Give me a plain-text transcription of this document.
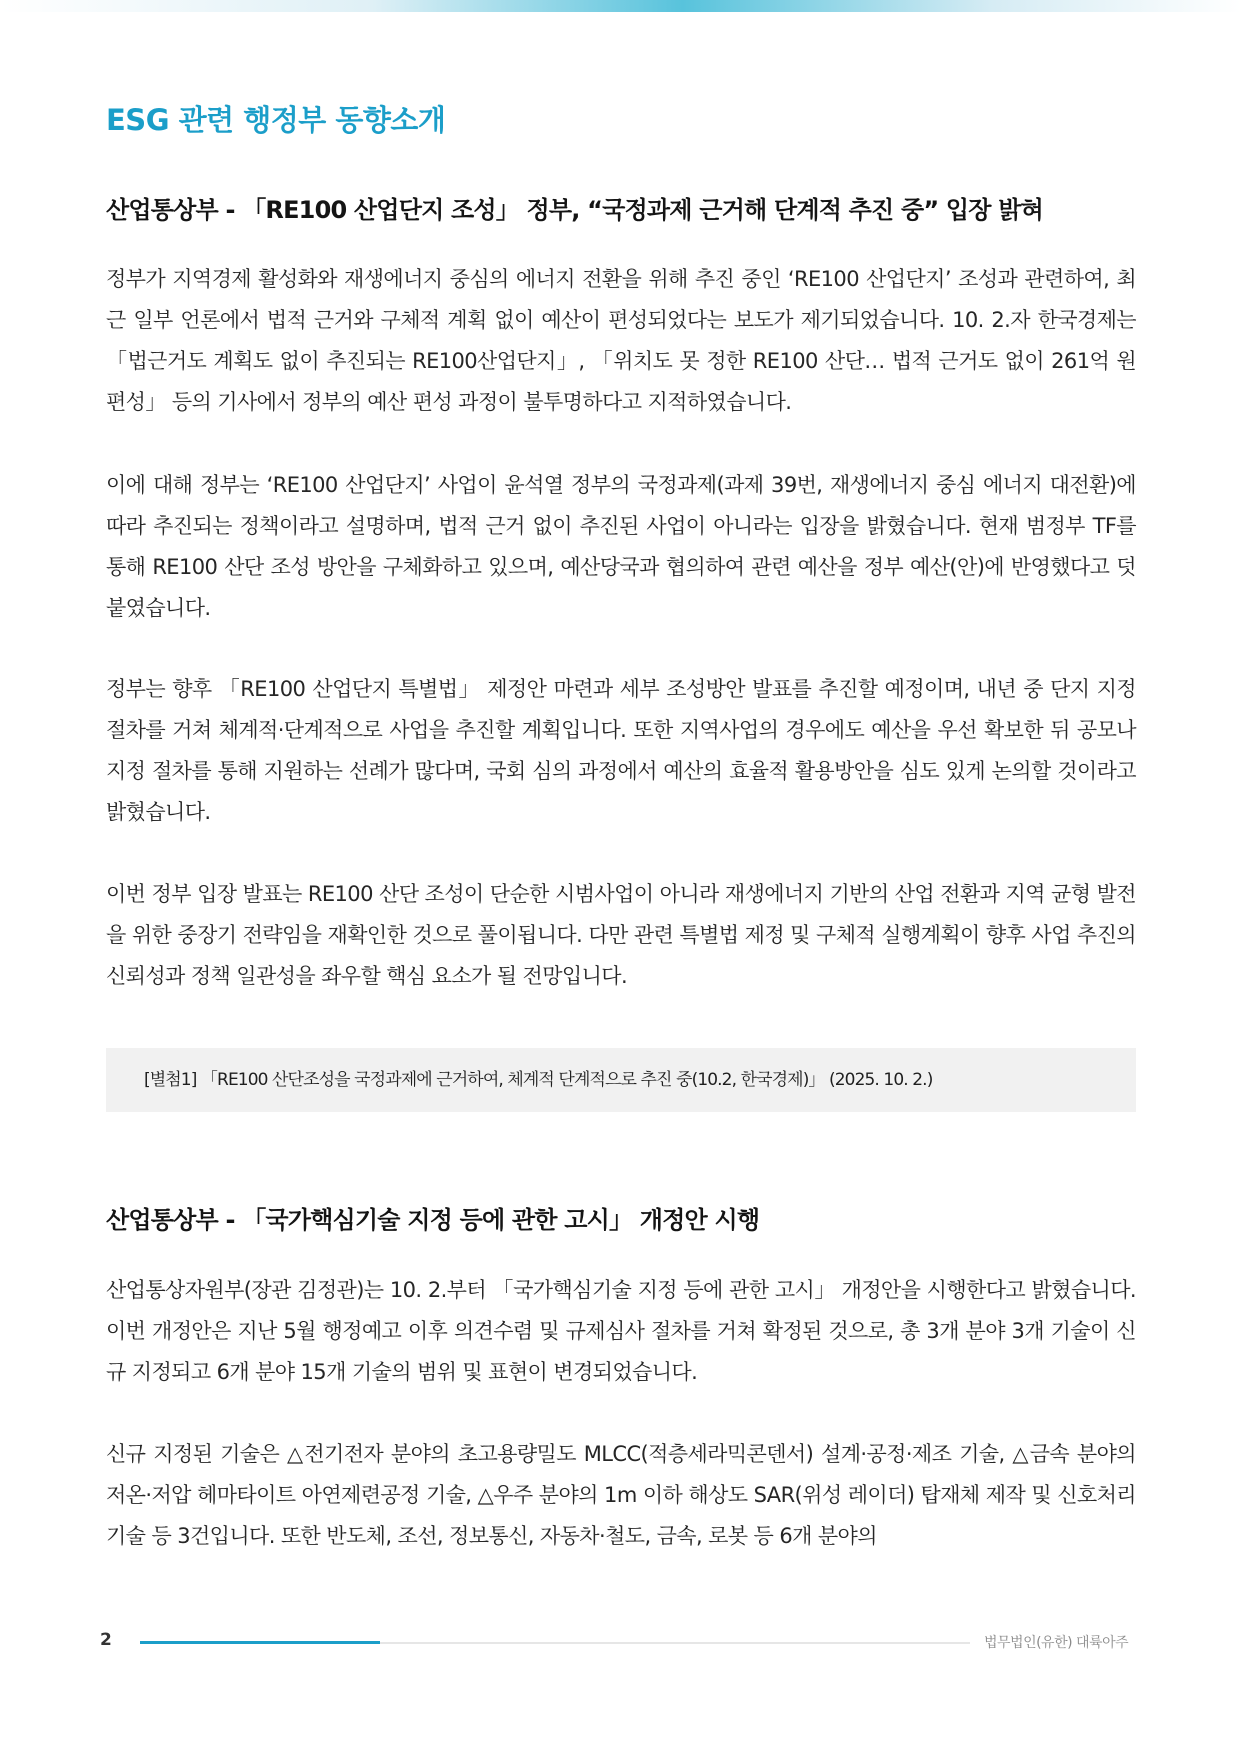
ESG 관련 행정부 동향소개
산업통상부 - 「RE100 산업단지 조성」 정부, “국정과제 근거해 단계적 추진 중” 입장 밝혀

정부가 지역경제 활성화와 재생에너지 중심의 에너지 전환을 위해 추진 중인 ‘RE100 산업단지’ 조성과 관련하여, 최근 일부 언론에서 법적 근거와 구체적 계획 없이 예산이 편성되었다는 보도가 제기되었습니다. 10. 2.자 한국경제는 「법근거도 계획도 없이 추진되는 RE100산업단지」, 「위치도 못 정한 RE100 산단… 법적 근거도 없이 261억 원 편성」 등의 기사에서 정부의 예산 편성 과정이 불투명하다고 지적하였습니다.

이에 대해 정부는 ‘RE100 산업단지’ 사업이 윤석열 정부의 국정과제(과제 39번, 재생에너지 중심 에너지 대전환)에 따라 추진되는 정책이라고 설명하며, 법적 근거 없이 추진된 사업이 아니라는 입장을 밝혔습니다. 현재 범정부 TF를 통해 RE100 산단 조성 방안을 구체화하고 있으며, 예산당국과 협의하여 관련 예산을 정부 예산(안)에 반영했다고 덧붙였습니다.

정부는 향후 「RE100 산업단지 특별법」 제정안 마련과 세부 조성방안 발표를 추진할 예정이며, 내년 중 단지 지정 절차를 거쳐 체계적·단계적으로 사업을 추진할 계획입니다. 또한 지역사업의 경우에도 예산을 우선 확보한 뒤 공모나 지정 절차를 통해 지원하는 선례가 많다며, 국회 심의 과정에서 예산의 효율적 활용방안을 심도 있게 논의할 것이라고 밝혔습니다.

이번 정부 입장 발표는 RE100 산단 조성이 단순한 시범사업이 아니라 재생에너지 기반의 산업 전환과 지역 균형 발전을 위한 중장기 전략임을 재확인한 것으로 풀이됩니다. 다만 관련 특별법 제정 및 구체적 실행계획이 향후 사업 추진의 신뢰성과 정책 일관성을 좌우할 핵심 요소가 될 전망입니다.

[별첨1] 「RE100 산단조성을 국정과제에 근거하여, 체계적 단계적으로 추진 중(10.2, 한국경제)」 (2025. 10. 2.)
산업통상부 - 「국가핵심기술 지정 등에 관한 고시」 개정안 시행

산업통상자원부(장관 김정관)는 10. 2.부터 「국가핵심기술 지정 등에 관한 고시」 개정안을 시행한다고 밝혔습니다. 이번 개정안은 지난 5월 행정예고 이후 의견수렴 및 규제심사 절차를 거쳐 확정된 것으로, 총 3개 분야 3개 기술이 신규 지정되고 6개 분야 15개 기술의 범위 및 표현이 변경되었습니다.

신규 지정된 기술은 △전기전자 분야의 초고용량밀도 MLCC(적층세라믹콘덴서) 설계·공정·제조 기술, △금속 분야의 저온·저압 헤마타이트 아연제련공정 기술, △우주 분야의 1m 이하 해상도 SAR(위성 레이더) 탑재체 제작 및 신호처리 기술 등 3건입니다. 또한 반도체, 조선, 정보통신, 자동차·철도, 금속, 로봇 등 6개 분야의

2	법무법인(유한) 대륙아주
